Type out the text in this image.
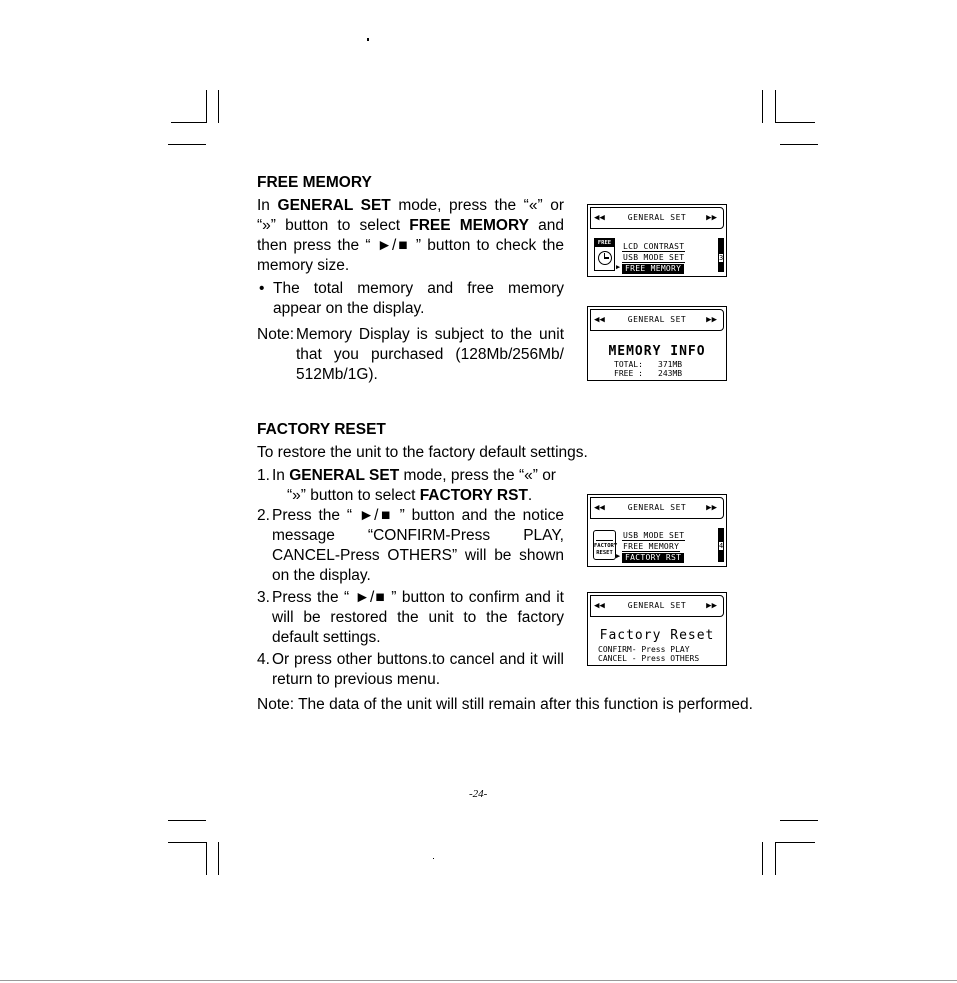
FREE MEMORY
In GENERAL SET mode, press the “«” or
“»” button to select FREE MEMORY and
then press the “ ►/■ ” button to check the
memory size.
• The total memory and free memory
appear on the display.
Note: Memory Display is subject to the unit
that you purchased (128Mb/256Mb/
512Mb/1G).
FACTORY RESET
To restore the unit to the factory default settings.
1. In GENERAL SET mode, press the “«” or
“»” button to select FACTORY RST.
2. Press the “ ►/■ ” button and the notice
message “CONFIRM-Press PLAY,
CANCEL-Press OTHERS” will be shown
on the display.
3. Press the “ ►/■ ” button to confirm and it
will be restored the unit to the factory
default settings.
4. Or press other buttons.to cancel and it will
return to previous menu.
Note: The data of the unit will still remain after this function is performed.
-24-
◀◀	GENERAL SET	▶▶
FREE	LCD CONTRAST
USB MODE SET
▶ FREE MEMORY
3
◀◀	GENERAL SET	▶▶
MEMORY INFO
TOTAL: 371MB
FREE : 243MB
◀◀	GENERAL SET	▶▶
FACTORY
RESET
USB MODE SET
FREE MEMORY
▶ FACTORY RST
4
◀◀	GENERAL SET	▶▶
Factory Reset
CONFIRM- Press PLAY
CANCEL - Press OTHERS
